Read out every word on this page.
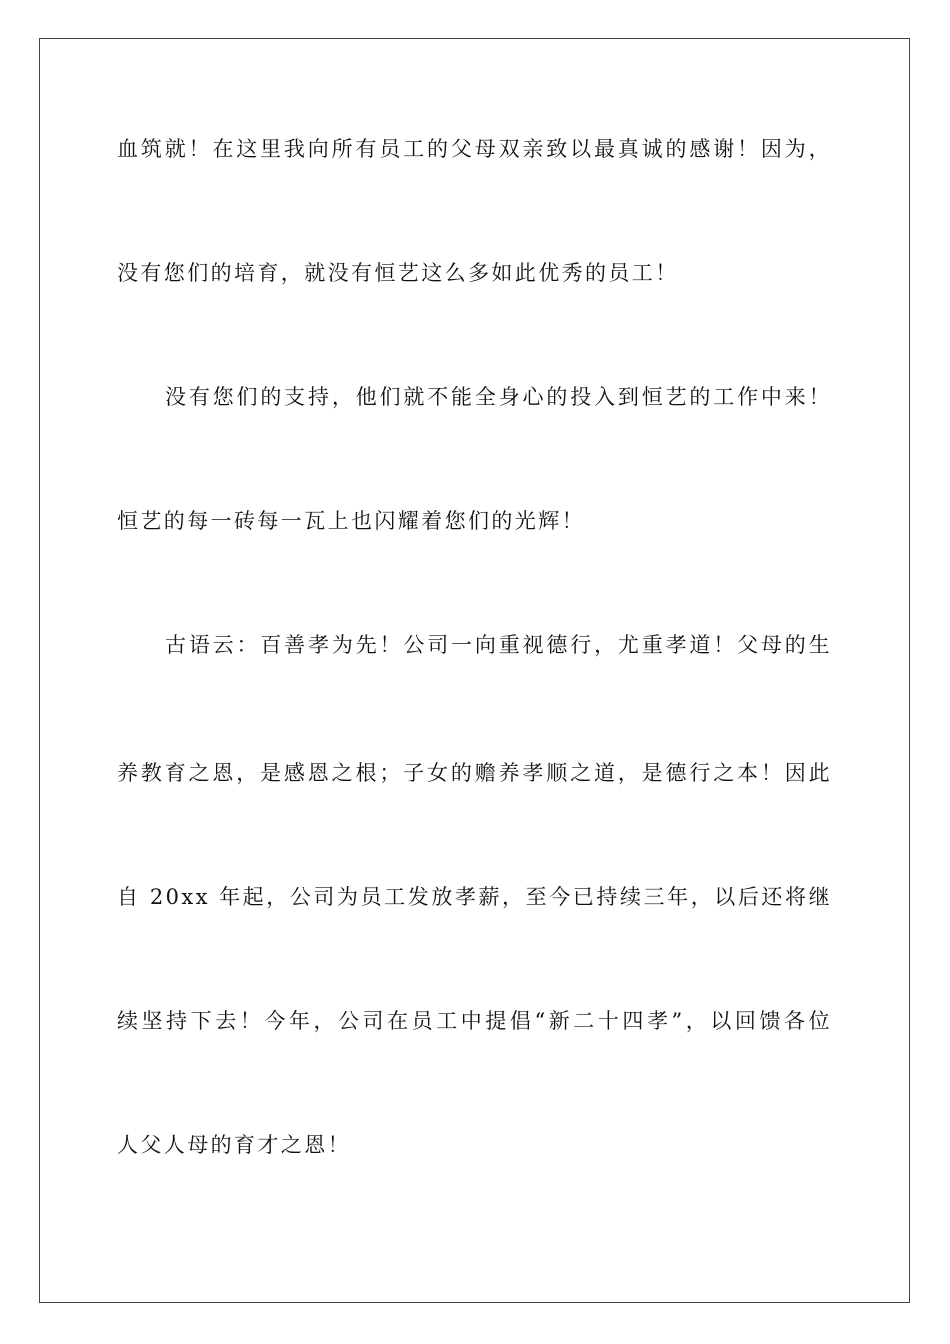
血筑就！在这里我向所有员工的父母双亲致以最真诚的感谢！因为，
没有您们的培育，就没有恒艺这么多如此优秀的员工！
没有您们的支持，他们就不能全身心的投入到恒艺的工作中来！
恒艺的每一砖每一瓦上也闪耀着您们的光辉！
古语云：百善孝为先！公司一向重视德行，尤重孝道！父母的生
养教育之恩，是感恩之根；子女的赡养孝顺之道，是德行之本！因此
自 20xx 年起，公司为员工发放孝薪，至今已持续三年，以后还将继
续坚持下去！今年，公司在员工中提倡“新二十四孝”，以回馈各位
人父人母的育才之恩！
